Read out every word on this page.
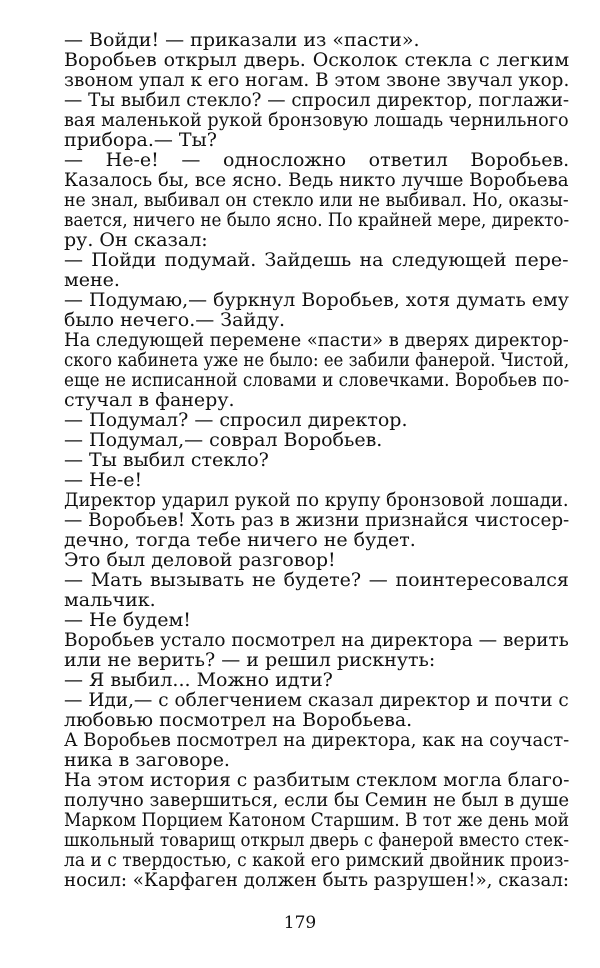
— Войди! — приказали из «пасти».
Воробьев открыл дверь. Осколок стекла с легким
звоном упал к его ногам. В этом звоне звучал укор.
— Ты выбил стекло? — спросил директор, поглажи-
вая маленькой рукой бронзовую лошадь чернильного
прибора.— Ты?
— Не-е! — односложно ответил Воробьев.
Казалось бы, все ясно. Ведь никто лучше Воробьева
не знал, выбивал он стекло или не выбивал. Но, оказы-
вается, ничего не было ясно. По крайней мере, директо-
ру. Он сказал:
— Пойди подумай. Зайдешь на следующей пере-
мене.
— Подумаю,— буркнул Воробьев, хотя думать ему
было нечего.— Зайду.
На следующей перемене «пасти» в дверях директор-
ского кабинета уже не было: ее забили фанерой. Чистой,
еще не исписанной словами и словечками. Воробьев по-
стучал в фанеру.
— Подумал? — спросил директор.
— Подумал,— соврал Воробьев.
— Ты выбил стекло?
— Не-е!
Директор ударил рукой по крупу бронзовой лошади.
— Воробьев! Хоть раз в жизни признайся чистосер-
дечно, тогда тебе ничего не будет.
Это был деловой разговор!
— Мать вызывать не будете? — поинтересовался
мальчик.
— Не будем!
Воробьев устало посмотрел на директора — верить
или не верить? — и решил рискнуть:
— Я выбил... Можно идти?
— Иди,— с облегчением сказал директор и почти с
любовью посмотрел на Воробьева.
А Воробьев посмотрел на директора, как на соучаст-
ника в заговоре.
На этом история с разбитым стеклом могла благо-
получно завершиться, если бы Семин не был в душе
Марком Порцием Катоном Старшим. В тот же день мой
школьный товарищ открыл дверь с фанерой вместо стек-
ла и с твердостью, с какой его римский двойник произ-
носил: «Карфаген должен быть разрушен!», сказал:
179
